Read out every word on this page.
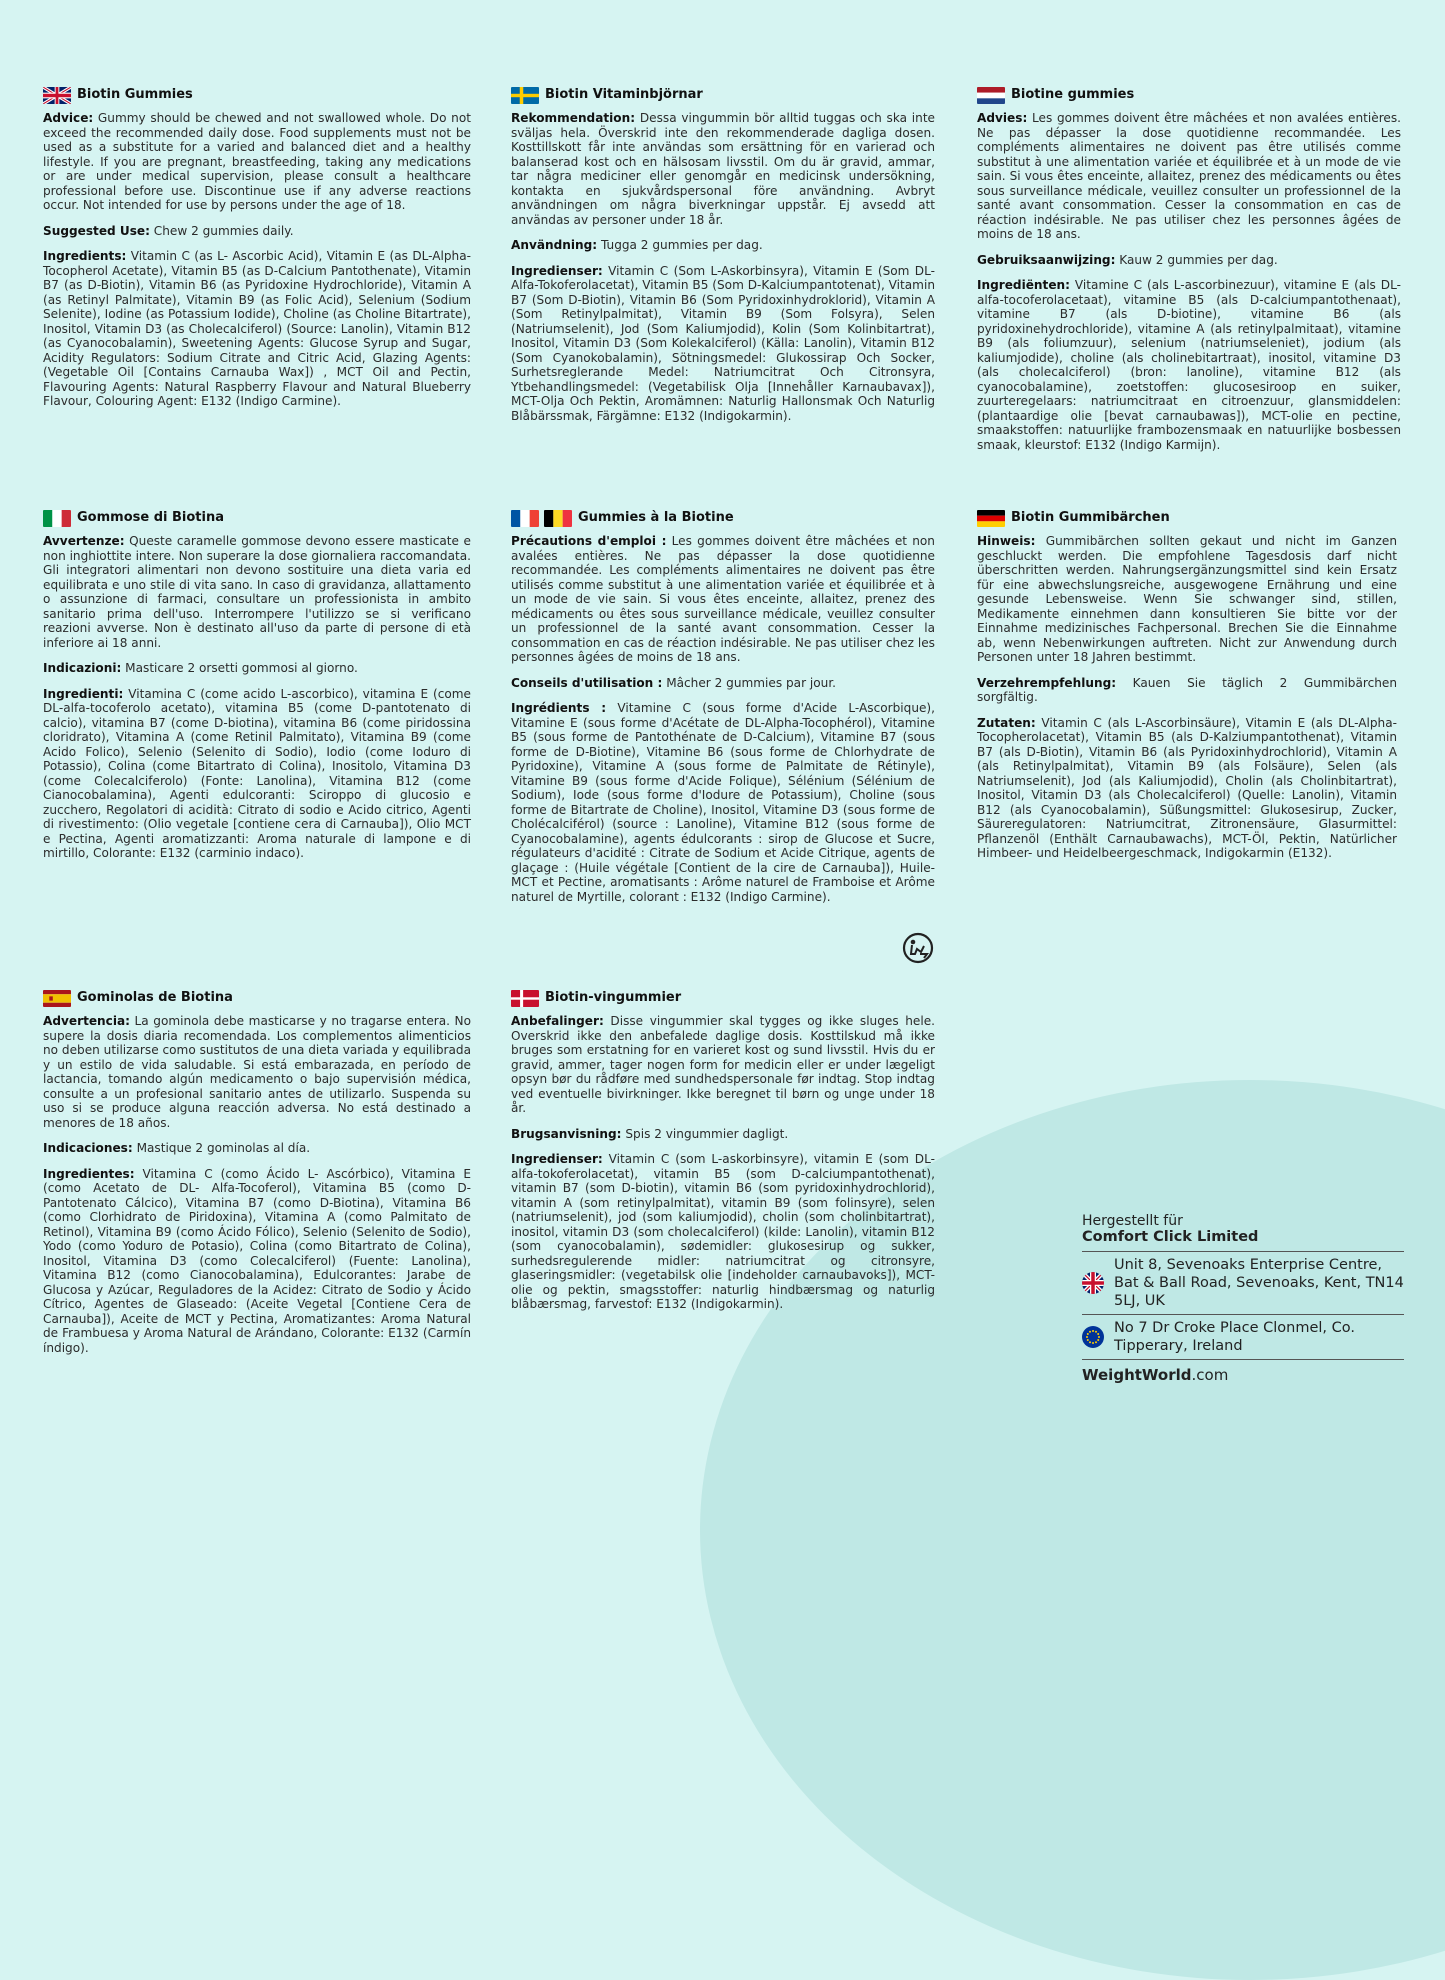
Biotin Gummies

Advice: Gummy should be chewed and not swallowed whole. Do not exceed the recommended daily dose. Food supplements must not be used as a substitute for a varied and balanced diet and a healthy lifestyle. If you are pregnant, breastfeeding, taking any medications or are under medical supervision, please consult a healthcare professional before use. Discontinue use if any adverse reactions occur. Not intended for use by persons under the age of 18.

Suggested Use: Chew 2 gummies daily.

Ingredients: Vitamin C (as L- Ascorbic Acid), Vitamin E (as DL-Alpha-Tocopherol Acetate), Vitamin B5 (as D-Calcium Pantothenate), Vitamin B7 (as D-Biotin), Vitamin B6 (as Pyridoxine Hydrochloride), Vitamin A (as Retinyl Palmitate), Vitamin B9 (as Folic Acid), Selenium (Sodium Selenite), Iodine (as Potassium Iodide), Choline (as Choline Bitartrate), Inositol, Vitamin D3 (as Cholecalciferol) (Source: Lanolin), Vitamin B12 (as Cyanocobalamin), Sweetening Agents: Glucose Syrup and Sugar, Acidity Regulators: Sodium Citrate and Citric Acid, Glazing Agents: (Vegetable Oil [Contains Carnauba Wax]) , MCT Oil and Pectin, Flavouring Agents: Natural Raspberry Flavour and Natural Blueberry Flavour, Colouring Agent: E132 (Indigo Carmine).

Biotin Vitaminbjörnar

Rekommendation: Dessa vingummin bör alltid tuggas och ska inte sväljas hela. Överskrid inte den rekommenderade dagliga dosen. Kosttillskott får inte användas som ersättning för en varierad och balanserad kost och en hälsosam livsstil. Om du är gravid, ammar, tar några mediciner eller genomgår en medicinsk undersökning, kontakta en sjukvårdspersonal före användning. Avbryt användningen om några biverkningar uppstår. Ej avsedd att användas av personer under 18 år.

Användning: Tugga 2 gummies per dag.

Ingredienser: Vitamin C (Som L-Askorbinsyra), Vitamin E (Som DL-Alfa-Tokoferolacetat), Vitamin B5 (Som D-Kalciumpantotenat), Vitamin B7 (Som D-Biotin), Vitamin B6 (Som Pyridoxinhydroklorid), Vitamin A (Som Retinylpalmitat), Vitamin B9 (Som Folsyra), Selen (Natriumselenit), Jod (Som Kaliumjodid), Kolin (Som Kolinbitartrat), Inositol, Vitamin D3 (Som Kolekalciferol) (Källa: Lanolin), Vitamin B12 (Som Cyanokobalamin), Sötningsmedel: Glukossirap Och Socker, Surhetsreglerande Medel: Natriumcitrat Och Citronsyra, Ytbehandlingsmedel: (Vegetabilisk Olja [Innehåller Karnaubavax]), MCT-Olja Och Pektin, Aromämnen: Naturlig Hallonsmak Och Naturlig Blåbärssmak, Färgämne: E132 (Indigokarmin).

Biotine gummies

Advies: Les gommes doivent être mâchées et non avalées entières. Ne pas dépasser la dose quotidienne recommandée. Les compléments alimentaires ne doivent pas être utilisés comme substitut à une alimentation variée et équilibrée et à un mode de vie sain. Si vous êtes enceinte, allaitez, prenez des médicaments ou êtes sous surveillance médicale, veuillez consulter un professionnel de la santé avant consommation. Cesser la consommation en cas de réaction indésirable. Ne pas utiliser chez les personnes âgées de moins de 18 ans.

Gebruiksaanwijzing: Kauw 2 gummies per dag.

Ingrediënten: Vitamine C (als L-ascorbinezuur), vitamine E (als DL-alfa-tocoferolacetaat), vitamine B5 (als D-calciumpantothenaat), vitamine B7 (als D-biotine), vitamine B6 (als pyridoxinehydrochloride), vitamine A (als retinylpalmitaat), vitamine B9 (als foliumzuur), selenium (natriumseleniet), jodium (als kaliumjodide), choline (als cholinebitartraat), inositol, vitamine D3 (als cholecalciferol) (bron: lanoline), vitamine B12 (als cyanocobalamine), zoetstoffen: glucosesiroop en suiker, zuurteregelaars: natriumcitraat en citroenzuur, glansmiddelen: (plantaardige olie [bevat carnaubawas]), MCT-olie en pectine, smaakstoffen: natuurlijke frambozensmaak en natuurlijke bosbessen smaak, kleurstof: E132 (Indigo Karmijn).

Gommose di Biotina

Avvertenze: Queste caramelle gommose devono essere masticate e non inghiottite intere. Non superare la dose giornaliera raccomandata. Gli integratori alimentari non devono sostituire una dieta varia ed equilibrata e uno stile di vita sano. In caso di gravidanza, allattamento o assunzione di farmaci, consultare un professionista in ambito sanitario prima dell'uso. Interrompere l'utilizzo se si verificano reazioni avverse. Non è destinato all'uso da parte di persone di età inferiore ai 18 anni.

Indicazioni: Masticare 2 orsetti gommosi al giorno.

Ingredienti: Vitamina C (come acido L-ascorbico), vitamina E (come DL-alfa-tocoferolo acetato), vitamina B5 (come D-pantotenato di calcio), vitamina B7 (come D-biotina), vitamina B6 (come piridossina cloridrato), Vitamina A (come Retinil Palmitato), Vitamina B9 (come Acido Folico), Selenio (Selenito di Sodio), Iodio (come Ioduro di Potassio), Colina (come Bitartrato di Colina), Inositolo, Vitamina D3 (come Colecalciferolo) (Fonte: Lanolina), Vitamina B12 (come Cianocobalamina), Agenti edulcoranti: Sciroppo di glucosio e zucchero, Regolatori di acidità: Citrato di sodio e Acido citrico, Agenti di rivestimento: (Olio vegetale [contiene cera di Carnauba]), Olio MCT e Pectina, Agenti aromatizzanti: Aroma naturale di lampone e di mirtillo, Colorante: E132 (carminio indaco).

Gummies à la Biotine

Précautions d'emploi : Les gommes doivent être mâchées et non avalées entières. Ne pas dépasser la dose quotidienne recommandée. Les compléments alimentaires ne doivent pas être utilisés comme substitut à une alimentation variée et équilibrée et à un mode de vie sain. Si vous êtes enceinte, allaitez, prenez des médicaments ou êtes sous surveillance médicale, veuillez consulter un professionnel de la santé avant consommation. Cesser la consommation en cas de réaction indésirable. Ne pas utiliser chez les personnes âgées de moins de 18 ans.

Conseils d'utilisation : Mâcher 2 gummies par jour.

Ingrédients : Vitamine C (sous forme d'Acide L-Ascorbique), Vitamine E (sous forme d'Acétate de DL-Alpha-Tocophérol), Vitamine B5 (sous forme de Pantothénate de D-Calcium), Vitamine B7 (sous forme de D-Biotine), Vitamine B6 (sous forme de Chlorhydrate de Pyridoxine), Vitamine A (sous forme de Palmitate de Rétinyle), Vitamine B9 (sous forme d'Acide Folique), Sélénium (Sélénium de Sodium), Iode (sous forme d'Iodure de Potassium), Choline (sous forme de Bitartrate de Choline), Inositol, Vitamine D3 (sous forme de Cholécalciférol) (source : Lanoline), Vitamine B12 (sous forme de Cyanocobalamine), agents édulcorants : sirop de Glucose et Sucre, régulateurs d'acidité : Citrate de Sodium et Acide Citrique, agents de glaçage : (Huile végétale [Contient de la cire de Carnauba]), Huile-MCT et Pectine, aromatisants : Arôme naturel de Framboise et Arôme naturel de Myrtille, colorant : E132 (Indigo Carmine).

Biotin Gummibärchen

Hinweis: Gummibärchen sollten gekaut und nicht im Ganzen geschluckt werden. Die empfohlene Tagesdosis darf nicht überschritten werden. Nahrungsergänzungsmittel sind kein Ersatz für eine abwechslungsreiche, ausgewogene Ernährung und eine gesunde Lebensweise. Wenn Sie schwanger sind, stillen, Medikamente einnehmen dann konsultieren Sie bitte vor der Einnahme medizinisches Fachpersonal. Brechen Sie die Einnahme ab, wenn Nebenwirkungen auftreten. Nicht zur Anwendung durch Personen unter 18 Jahren bestimmt.

Verzehrempfehlung: Kauen Sie täglich 2 Gummibärchen sorgfältig.

Zutaten: Vitamin C (als L-Ascorbinsäure), Vitamin E (als DL-Alpha-Tocopherolacetat), Vitamin B5 (als D-Kalziumpantothenat), Vitamin B7 (als D-Biotin), Vitamin B6 (als Pyridoxinhydrochlorid), Vitamin A (als Retinylpalmitat), Vitamin B9 (als Folsäure), Selen (als Natriumselenit), Jod (als Kaliumjodid), Cholin (als Cholinbitartrat), Inositol, Vitamin D3 (als Cholecalciferol) (Quelle: Lanolin), Vitamin B12 (als Cyanocobalamin), Süßungsmittel: Glukosesirup, Zucker, Säureregulatoren: Natriumcitrat, Zitronensäure, Glasurmittel: Pflanzenöl (Enthält Carnaubawachs), MCT-Öl, Pektin, Natürlicher Himbeer- und Heidelbeergeschmack, Indigokarmin (E132).

Gominolas de Biotina

Advertencia: La gominola debe masticarse y no tragarse entera. No supere la dosis diaria recomendada. Los complementos alimenticios no deben utilizarse como sustitutos de una dieta variada y equilibrada y un estilo de vida saludable. Si está embarazada, en período de lactancia, tomando algún medicamento o bajo supervisión médica, consulte a un profesional sanitario antes de utilizarlo. Suspenda su uso si se produce alguna reacción adversa. No está destinado a menores de 18 años.

Indicaciones: Mastique 2 gominolas al día.

Ingredientes: Vitamina C (como Ácido L- Ascórbico), Vitamina E (como Acetato de DL- Alfa-Tocoferol), Vitamina B5 (como D-Pantotenato Cálcico), Vitamina B7 (como D-Biotina), Vitamina B6 (como Clorhidrato de Piridoxina), Vitamina A (como Palmitato de Retinol), Vitamina B9 (como Ácido Fólico), Selenio (Selenito de Sodio), Yodo (como Yoduro de Potasio), Colina (como Bitartrato de Colina), Inositol, Vitamina D3 (como Colecalciferol) (Fuente: Lanolina), Vitamina B12 (como Cianocobalamina), Edulcorantes: Jarabe de Glucosa y Azúcar, Reguladores de la Acidez: Citrato de Sodio y Ácido Cítrico, Agentes de Glaseado: (Aceite Vegetal [Contiene Cera de Carnauba]), Aceite de MCT y Pectina, Aromatizantes: Aroma Natural de Frambuesa y Aroma Natural de Arándano, Colorante: E132 (Carmín índigo).

Biotin-vingummier

Anbefalinger: Disse vingummier skal tygges og ikke sluges hele. Overskrid ikke den anbefalede daglige dosis. Kosttilskud må ikke bruges som erstatning for en varieret kost og sund livsstil. Hvis du er gravid, ammer, tager nogen form for medicin eller er under lægeligt opsyn bør du rådføre med sundhedspersonale før indtag. Stop indtag ved eventuelle bivirkninger. Ikke beregnet til børn og unge under 18 år.

Brugsanvisning: Spis 2 vingummier dagligt.

Ingredienser: Vitamin C (som L-askorbinsyre), vitamin E (som DL-alfa-tokoferolacetat), vitamin B5 (som D-calciumpantothenat), vitamin B7 (som D-biotin), vitamin B6 (som pyridoxinhydrochlorid), vitamin A (som retinylpalmitat), vitamin B9 (som folinsyre), selen (natriumselenit), jod (som kaliumjodid), cholin (som cholinbitartrat), inositol, vitamin D3 (som cholecalciferol) (kilde: Lanolin), vitamin B12 (som cyanocobalamin), sødemidler: glukosesirup og sukker, surhedsregulerende midler: natriumcitrat og citronsyre, glaseringsmidler: (vegetabilsk olie [indeholder carnaubavoks]), MCT-olie og pektin, smagsstoffer: naturlig hindbærsmag og naturlig blåbærsmag, farvestof: E132 (Indigokarmin).

Hergestellt für
Comfort Click Limited
Unit 8, Sevenoaks Enterprise Centre, Bat & Ball Road, Sevenoaks, Kent, TN14 5LJ, UK
No 7 Dr Croke Place Clonmel, Co. Tipperary, Ireland
WeightWorld.com
